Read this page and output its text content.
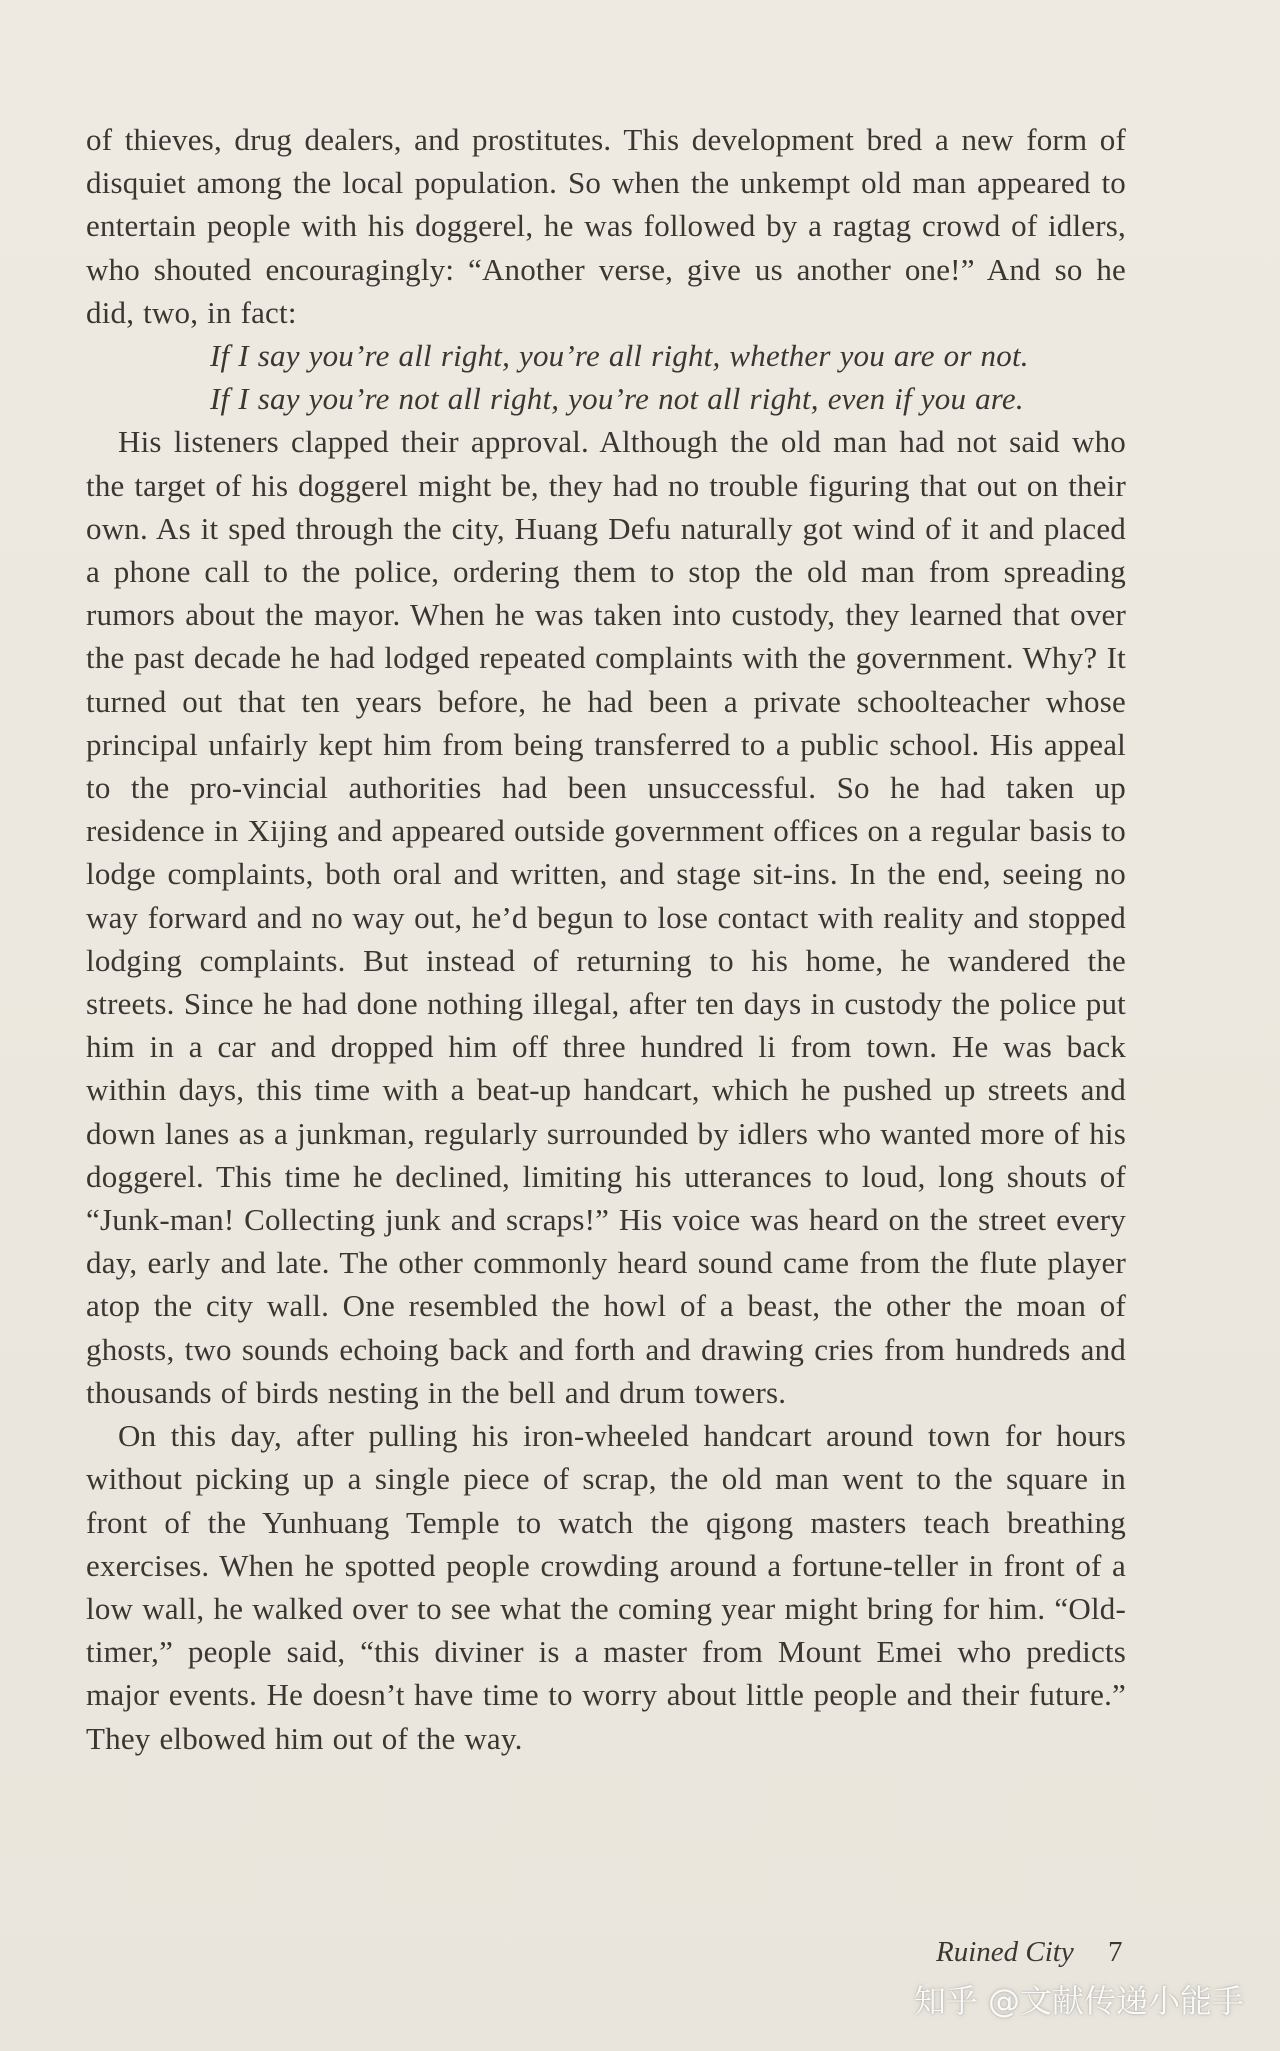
of thieves, drug dealers, and prostitutes. This development bred a new form of disquiet among the local population. So when the unkempt old man appeared to entertain people with his doggerel, he was followed by a ragtag crowd of idlers, who shouted encouragingly: “Another verse, give us another one!” And so he did, two, in fact:

If I say you’re all right, you’re all right, whether you are or not.

If I say you’re not all right, you’re not all right, even if you are.

His listeners clapped their approval. Although the old man had not said who the target of his doggerel might be, they had no trouble figuring that out on their own. As it sped through the city, Huang Defu naturally got wind of it and placed a phone call to the police, ordering them to stop the old man from spreading rumors about the mayor. When he was taken into custody, they learned that over the past decade he had lodged repeated complaints with the government. Why? It turned out that ten years before, he had been a private schoolteacher whose principal unfairly kept him from being transferred to a public school. His appeal to the pro-vincial authorities had been unsuccessful. So he had taken up residence in Xijing and appeared outside government offices on a regular basis to lodge complaints, both oral and written, and stage sit-ins. In the end, seeing no way forward and no way out, he’d begun to lose contact with reality and stopped lodging complaints. But instead of returning to his home, he wandered the streets. Since he had done nothing illegal, after ten days in custody the police put him in a car and dropped him off three hundred li from town. He was back within days, this time with a beat-up handcart, which he pushed up streets and down lanes as a junkman, regularly surrounded by idlers who wanted more of his doggerel. This time he declined, limiting his utterances to loud, long shouts of “Junk-man! Collecting junk and scraps!” His voice was heard on the street every day, early and late. The other commonly heard sound came from the flute player atop the city wall. One resembled the howl of a beast, the other the moan of ghosts, two sounds echoing back and forth and drawing cries from hundreds and thousands of birds nesting in the bell and drum towers.

On this day, after pulling his iron-wheeled handcart around town for hours without picking up a single piece of scrap, the old man went to the square in front of the Yunhuang Temple to watch the qigong masters teach breathing exercises. When he spotted people crowding around a fortune-teller in front of a low wall, he walked over to see what the coming year might bring for him. “Old-timer,” people said, “this diviner is a master from Mount Emei who predicts major events. He doesn’t have time to worry about little people and their future.” They elbowed him out of the way.

Ruined City 7
知乎 @文献传递小能手
